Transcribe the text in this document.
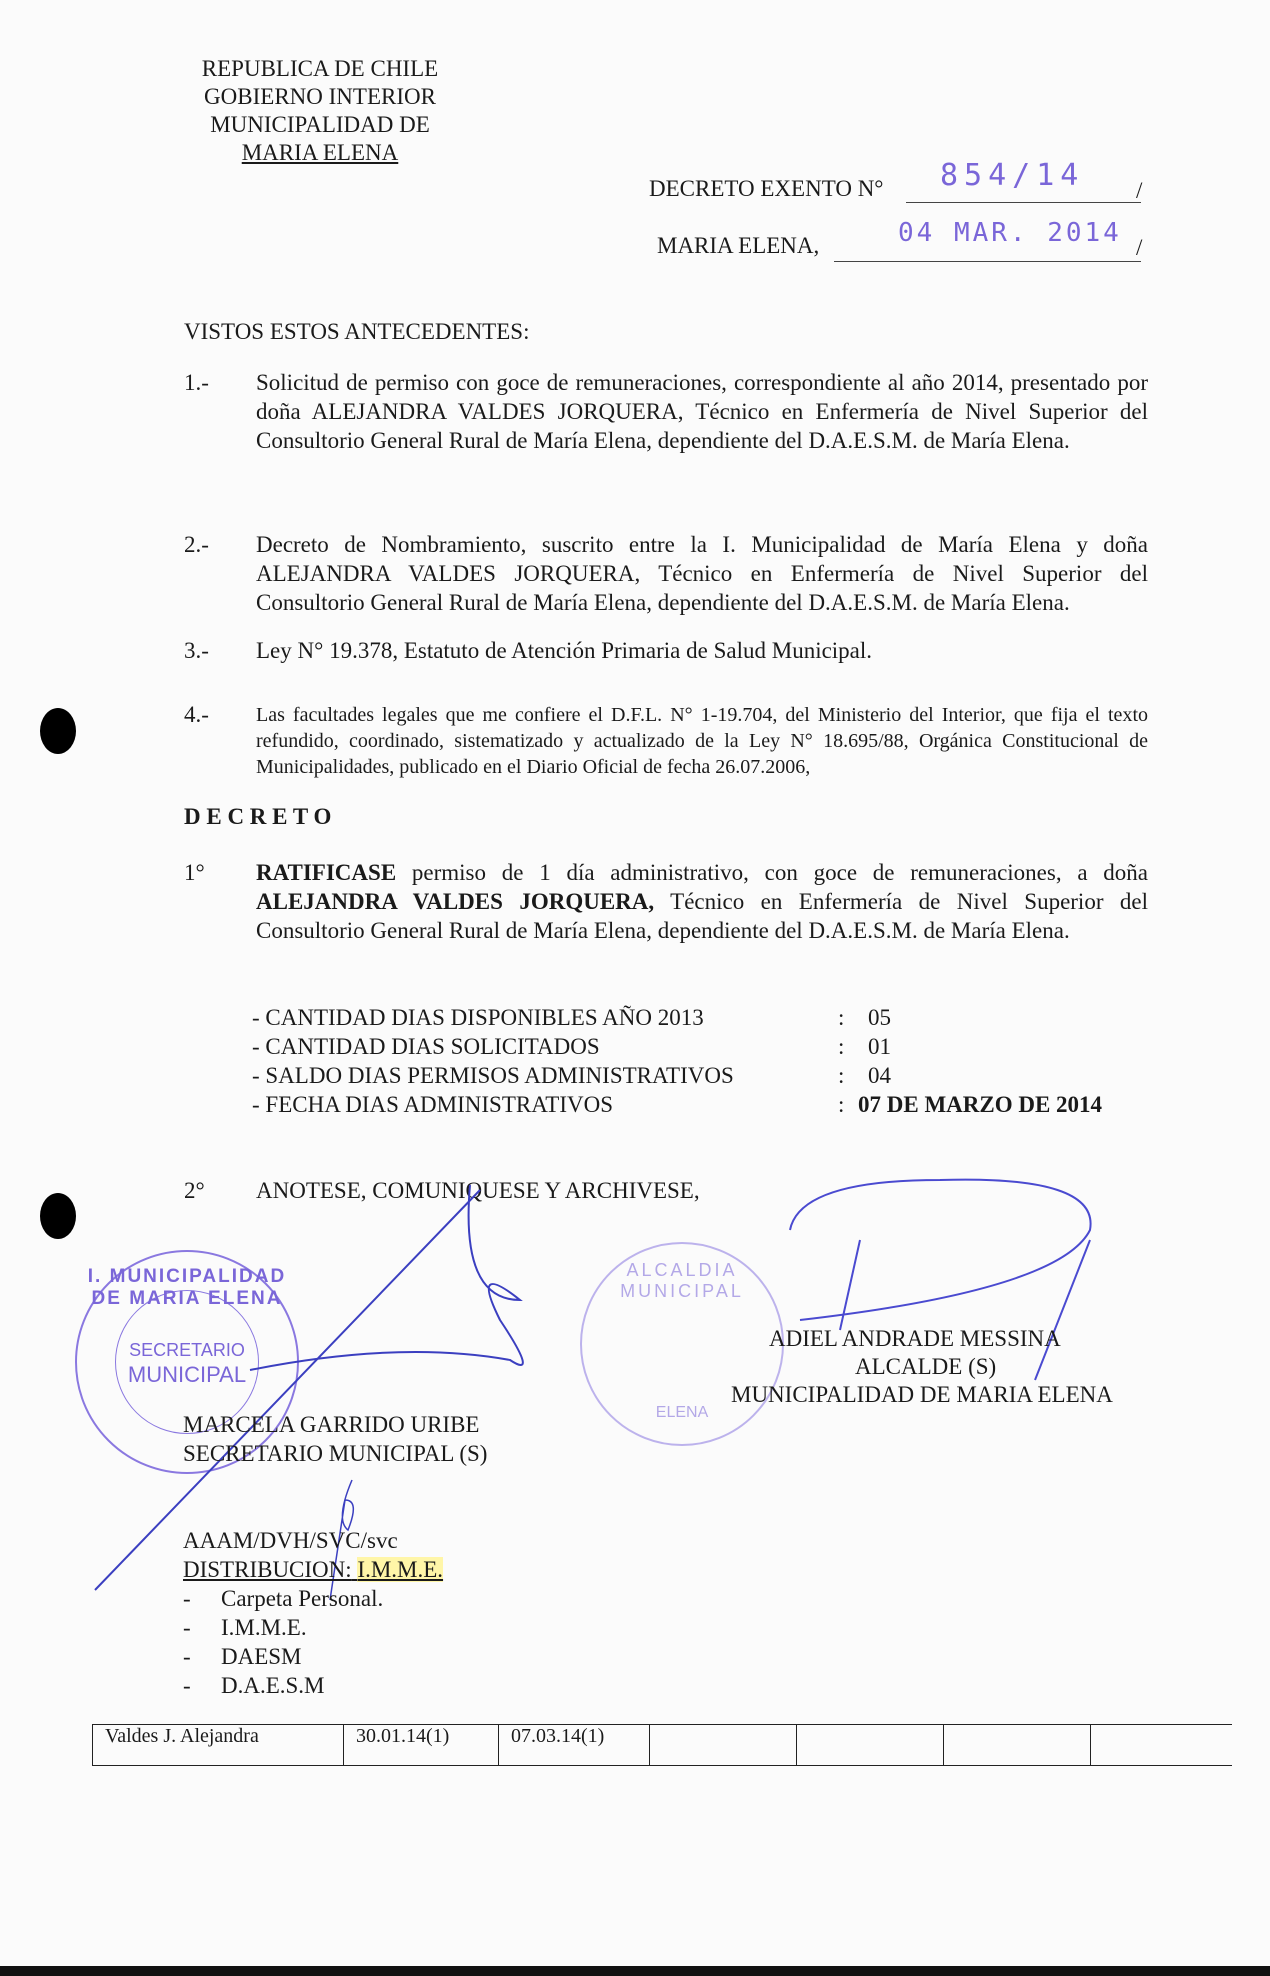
REPUBLICA DE CHILE
GOBIERNO INTERIOR
MUNICIPALIDAD DE
MARIA ELENA
DECRETO EXENTO N° 854/14 /
MARIA ELENA,	04 MAR. 2014 /
VISTOS ESTOS ANTECEDENTES:
1.- Solicitud de permiso con goce de remuneraciones, correspondiente al año 2014, presentado por doña ALEJANDRA VALDES JORQUERA, Técnico en Enfermería de Nivel Superior del Consultorio General Rural de María Elena, dependiente del D.A.E.S.M. de María Elena.
2.- Decreto de Nombramiento, suscrito entre la I. Municipalidad de María Elena y doña ALEJANDRA VALDES JORQUERA, Técnico en Enfermería de Nivel Superior del Consultorio General Rural de María Elena, dependiente del D.A.E.S.M. de María Elena.
3.- Ley N° 19.378, Estatuto de Atención Primaria de Salud Municipal.
4.- Las facultades legales que me confiere el D.F.L. N° 1-19.704, del Ministerio del Interior, que fija el texto refundido, coordinado, sistematizado y actualizado de la Ley N° 18.695/88, Orgánica Constitucional de Municipalidades, publicado en el Diario Oficial de fecha 26.07.2006,
D E C R E T O
1° RATIFICASE permiso de 1 día administrativo, con goce de remuneraciones, a doña ALEJANDRA VALDES JORQUERA, Técnico en Enfermería de Nivel Superior del Consultorio General Rural de María Elena, dependiente del D.A.E.S.M. de María Elena.
- CANTIDAD DIAS DISPONIBLES AÑO 2013	:	05
- CANTIDAD DIAS SOLICITADOS	:	01
- SALDO DIAS PERMISOS ADMINISTRATIVOS	:	04
- FECHA DIAS ADMINISTRATIVOS	: 07 DE MARZO DE 2014
2° ANOTESE, COMUNIQUESE Y ARCHIVESE,
I. MUNICIPALIDAD DE MARIA ELENA
SECRETARIO
MUNICIPAL
ALCALDIA MUNICIPAL
ELENA
ADIEL ANDRADE MESSINA
ALCALDE (S)
MUNICIPALIDAD DE MARIA ELENA
MARCELA GARRIDO URIBE
SECRETARIO MUNICIPAL (S)
AAAM/DVH/SVC/svc
DISTRIBUCION: I.M.M.E.
- Carpeta Personal.
- I.M.M.E.
- DAESM
- D.A.E.S.M
Valdes J. Alejandra	30.01.14(1)	07.03.14(1)				
